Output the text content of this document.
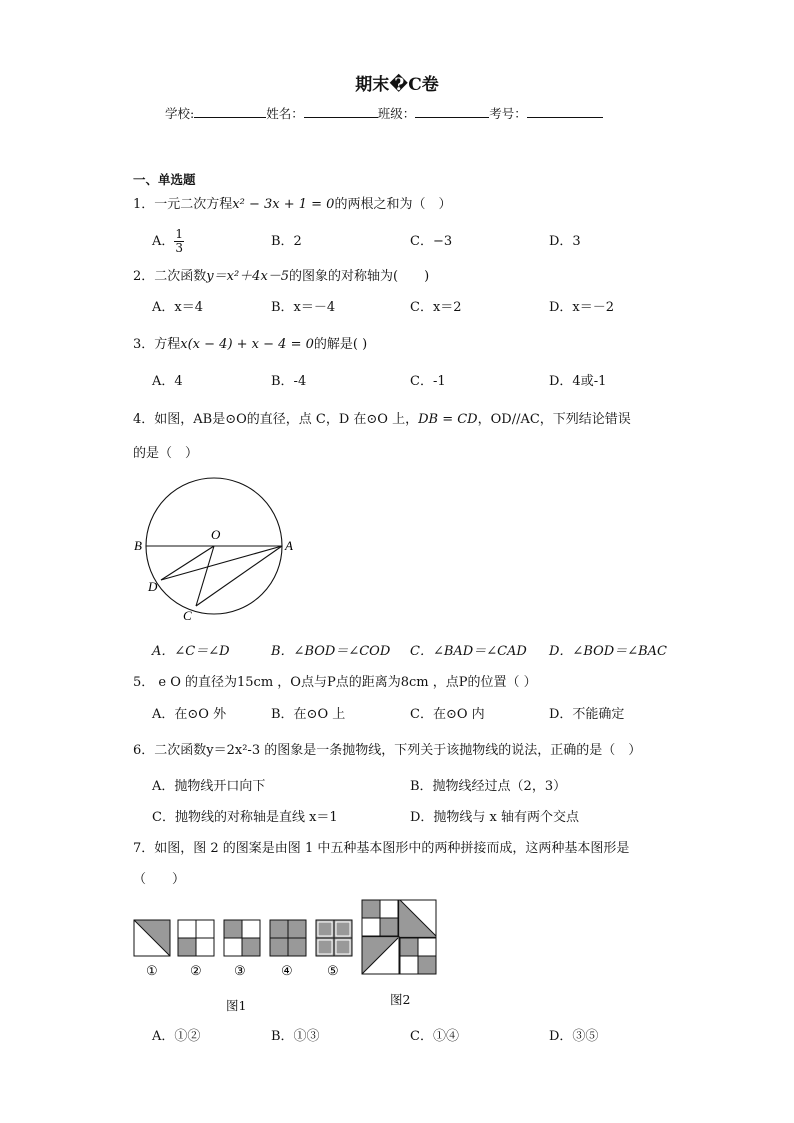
期末�C卷
学校:	姓名：	班级：	考号：
一、单选题
1．一元二次方程x² − 3x + 1 = 0的两根之和为（　）
A． $\frac{1}{3}$	B．2	C．−3	D．3
2．二次函数y＝x²＋4x－5的图象的对称轴为(　　)
A．x＝4	B．x＝－4	C．x＝2	D．x＝－2
3．方程x(x − 4) + x − 4 = 0的解是( )
A．4	B．-4	C．-1	D．4或-1
4．如图，AB是⊙O的直径，点 C，D 在⊙O 上，DB = CD，OD//AC，下列结论错误
的是（　）
B
O
A
D
C
A．∠C＝∠D	B．∠BOD＝∠COD C．∠BAD＝∠CAD D．∠BOD＝∠BAC
5． e O 的直径为15cm ，O点与P点的距离为8cm ，点P的位置（ ）
A．在⊙O 外	B．在⊙O 上	C．在⊙O 内	D．不能确定
6．二次函数y＝2x²-3 的图象是一条抛物线，下列关于该抛物线的说法，正确的是（　）
A．抛物线开口向下	B．抛物线经过点（2，3）
C．抛物线的对称轴是直线 x＝1	D．抛物线与 x 轴有两个交点
7．如图，图 2 的图案是由图 1 中五种基本图形中的两种拼接而成，这两种基本图形是
（　　）
① ② ③	④	⑤
图1	图2
A．①②	B．①③	C．①④	D．③⑤
